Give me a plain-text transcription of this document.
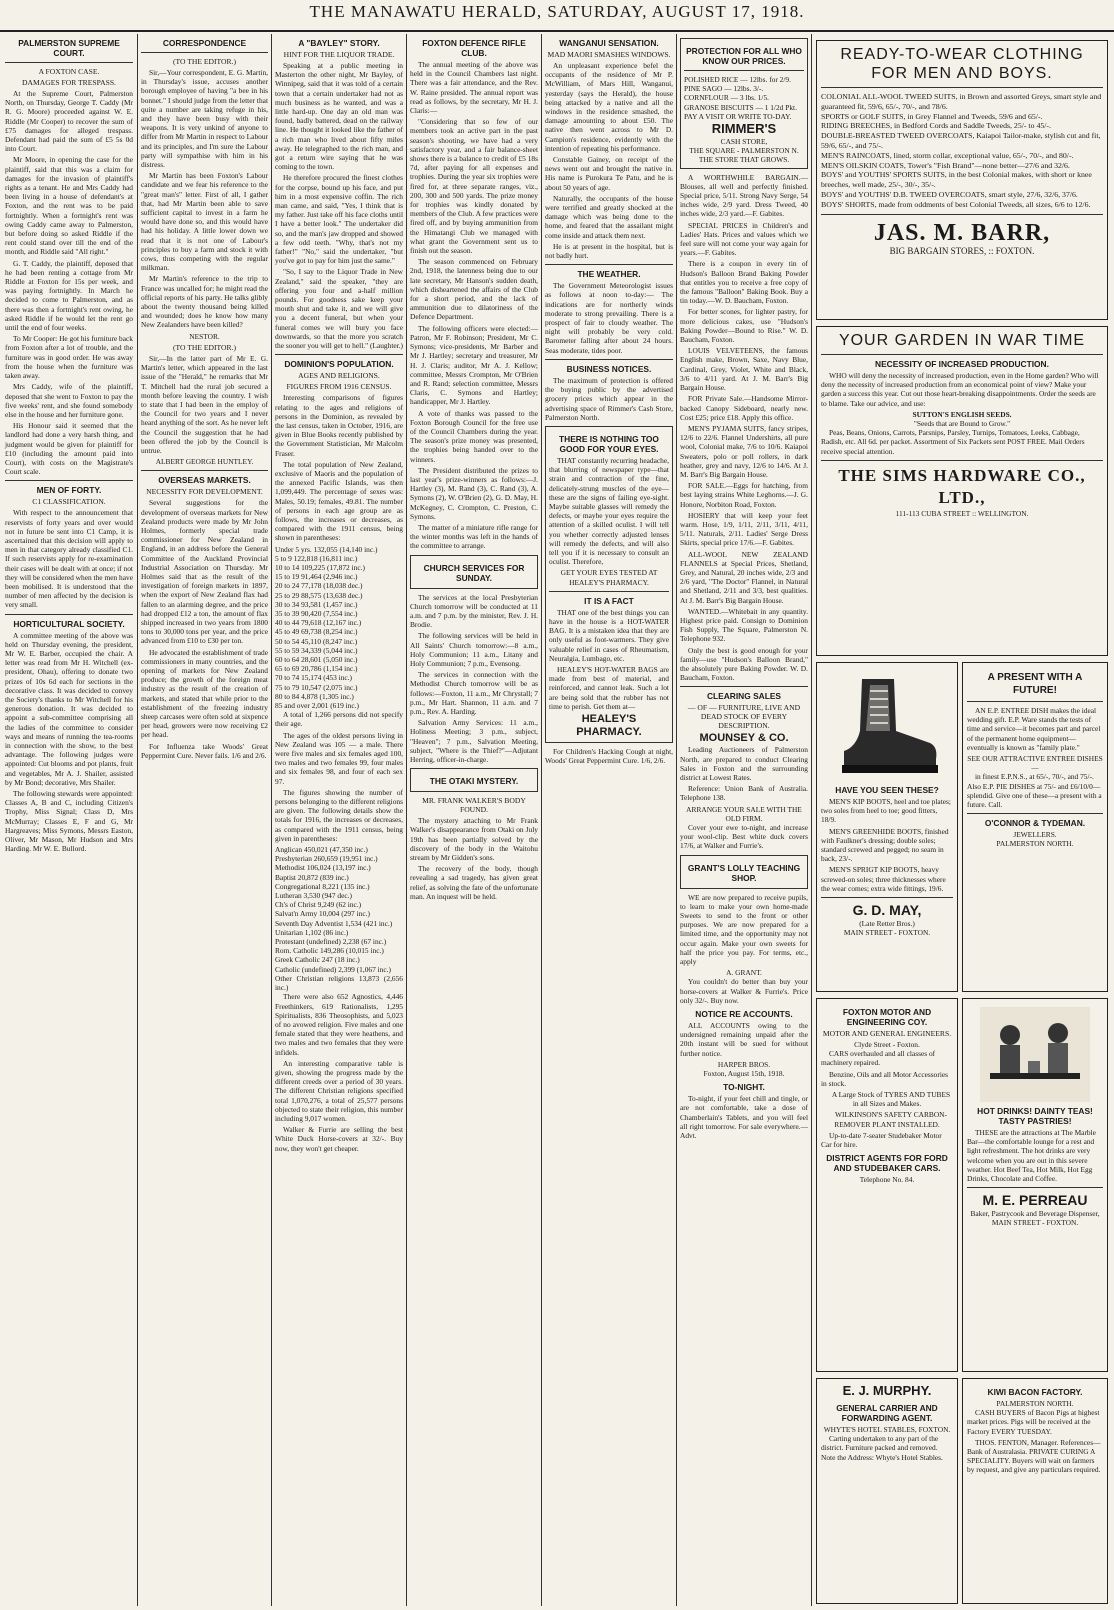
THE MANAWATU HERALD, SATURDAY, AUGUST 17, 1918.
PALMERSTON SUPREME COURT.
A FOXTON CASE.
DAMAGES FOR TRESPASS.

At the Supreme Court, Palmerston North, on Thursday, George T. Caddy (Mr R. G. Moore) proceeded against W. E. Riddle (Mr Cooper) to recover the sum of £75 damages for alleged trespass. Defendant had paid the sum of £5 5s 0d into Court.

Mr Moore, in opening the case for the plaintiff, said that this was a claim for damages for the invasion of plaintiff's rights as a tenant. He and Mrs Caddy had been living in a house of defendant's at Foxton, and the rent was to be paid fortnightly. When a fortnight's rent was owing Caddy came away to Palmerston, but before doing so asked Riddle if the rent could stand over till the end of the month, and Riddle said "All right."

G. T. Caddy, the plaintiff, deposed that he had been renting a cottage from Mr Riddle at Foxton for 15s per week, and was paying fortnightly. In March he decided to come to Palmerston, and as there was then a fortnight's rent owing, he asked Riddle if he would let the rent go until the end of four weeks.

To Mr Cooper: He got his furniture back from Foxton after a lot of trouble, and the furniture was in good order. He was away from the house when the furniture was taken away.

Mrs Caddy, wife of the plaintiff, deposed that she went to Foxton to pay the five weeks' rent, and she found somebody else in the house and her furniture gone.

His Honour said it seemed that the landlord had done a very harsh thing, and judgment would be given for plaintiff for £10 (including the amount paid into Court), with costs on the Magistrate's Court scale.

MEN OF FORTY.
C1 CLASSIFICATION.

With respect to the announcement that reservists of forty years and over would not in future be sent into C1 Camp, it is ascertained that this decision will apply to men in that category already classified C1. If such reservists apply for re-examination their cases will be dealt with at once; if not they will be considered when the men have been mobilised. It is understood that the number of men affected by the decision is very small.

HORTICULTURAL SOCIETY.

A committee meeting of the above was held on Thursday evening, the president, Mr W. E. Barber, occupied the chair. A letter was read from Mr H. Witchell (ex-president, Ohau), offering to donate two prizes of 10s 6d each for sections in the decorative class. It was decided to convey the Society's thanks to Mr Witchell for his generous donation. It was decided to appoint a sub-committee comprising all the ladies of the committee to consider ways and means of running the tea-rooms in connection with the show, to the best advantage. The following judges were appointed: Cut blooms and pot plants, fruit and vegetables, Mr A. J. Shailer, assisted by Mr Bond; decorative, Mrs Shailer.

The following stewards were appointed: Classes A, B and C, including Citizen's Trophy, Miss Signal; Class D, Mrs McMurray; Classes E, F and G, Mr Hargreaves; Miss Symons, Messrs Easton, Oliver, Mr Mason, Mr Hudson and Mrs Harding. Mr W. E. Bullord.

CORRESPONDENCE
(TO THE EDITOR.)

Sir,—Your correspondent, E. G. Martin, in Thursday's issue, accuses another borough employee of having "a bee in his bonnet." I should judge from the letter that quite a number are taking refuge in his, and they have been busy with their weapons. It is very unkind of anyone to differ from Mr Martin in respect to Labour and its principles, and I'm sure the Labour party will sympathise with him in his distress.

Mr Martin has been Foxton's Labour candidate and we fear his reference to the "great man's" letter. First of all, I gather that, had Mr Martin been able to save sufficient capital to invest in a farm he would have done so, and this would have had his holiday. A little lower down we read that it is not one of Labour's principles to buy a farm and stock it with cows, thus competing with the regular milkman.

Mr Martin's reference to the trip to France was uncalled for; he might read the official reports of his party. He talks glibly about the twenty thousand being killed and wounded; does he know how many New Zealanders have been killed?

NESTOR.
(TO THE EDITOR.)

Sir,—In the latter part of Mr E. G. Martin's letter, which appeared in the last issue of the "Herald," he remarks that Mr T. Mitchell had the rural job secured a month before leaving the country. I wish to state that I had been in the employ of the Council for two years and I never heard anything of the sort. As he never left the Council the suggestion that he had been offered the job by the Council is untrue.

ALBERT GEORGE HUNTLEY.
OVERSEAS MARKETS.
NECESSITY FOR DEVELOPMENT.

Several suggestions for the development of overseas markets for New Zealand products were made by Mr John Holmes, formerly special trade commissioner for New Zealand in England, in an address before the General Committee of the Auckland Provincial Industrial Association on Thursday. Mr Holmes said that as the result of the investigation of foreign markets in 1897, when the export of New Zealand flax had fallen to an alarming degree, and the price had dropped £12 a ton, the amount of flax shipped increased in two years from 1800 tons to 30,000 tons per year, and the price advanced from £10 to £30 per ton.

He advocated the establishment of trade commissioners in many countries, and the opening of markets for New Zealand produce; the growth of the foreign meat industry as the result of the creation of markets, and stated that while prior to the establishment of the freezing industry sheep carcases were often sold at sixpence per head, growers were now receiving £2 per head.

For Influenza take Woods' Great Peppermint Cure. Never fails. 1/6 and 2/6.

A "BAYLEY" STORY.
HINT FOR THE LIQUOR TRADE.

Speaking at a public meeting in Masterton the other night, Mr Bayley, of Winnipeg, said that it was told of a certain town that a certain undertaker had not as much business as he wanted, and was a little hard-up. One day an old man was found, badly battered, dead on the railway line. He thought it looked like the father of a rich man who lived about fifty miles away. He telegraphed to the rich man, and got a return wire saying that he was coming to the town.

He therefore procured the finest clothes for the corpse, bound up his face, and put him in a most expensive coffin. The rich man came, and said, "Yes, I think that is my father. Just take off his face cloths until I have a better look." The undertaker did so, and the man's jaw dropped and showed a few odd teeth. "Why, that's not my father!" "No," said the undertaker, "but you've got to pay for him just the same."

"So, I say to the Liquor Trade in New Zealand," said the speaker, "they are offering you four and a-half million pounds. For goodness sake keep your mouth shut and take it, and we will give you a decent funeral, but when your funeral comes we will bury you face downwards, so that the more you scratch the sooner you will get to hell." (Laughter.)

DOMINION'S POPULATION.
AGES AND RELIGIONS.
FIGURES FROM 1916 CENSUS.

Interesting comparisons of figures relating to the ages and religions of persons in the Dominion, as revealed by the last census, taken in October, 1916, are given in Blue Books recently published by the Government Statistician, Mr Malcolm Fraser.

The total population of New Zealand, exclusive of Maoris and the population of the annexed Pacific Islands, was then 1,099,449. The percentage of sexes was: Males, 50.19; females, 49.81. The number of persons in each age group are as follows, the increases or decreases, as compared with the 1911 census, being shown in parentheses:

Under 5 yrs. 132,055 (14,140 inc.)
5 to 9 122,818 (16,811 inc.)
10 to 14 109,225 (17,872 inc.)
15 to 19 91,464 (2,946 inc.)
20 to 24 77,178 (18,038 dec.)
25 to 29 88,575 (13,638 dec.)
30 to 34 93,581 (1,457 inc.)
35 to 39 90,420 (7,554 inc.)
40 to 44 79,618 (12,167 inc.)
45 to 49 69,738 (8,254 inc.)
50 to 54 45,110 (8,247 inc.)
55 to 59 34,339 (5,044 inc.)
60 to 64 28,601 (5,050 inc.)
65 to 69 20,786 (1,154 inc.)
70 to 74 15,174 (453 inc.)
75 to 79 10,547 (2,075 inc.)
80 to 84 4,878 (1,305 inc.)
85 and over 2,001 (619 inc.)

A total of 1,266 persons did not specify their age.

The ages of the oldest persons living in New Zealand was 105 — a male. There were five males and six females aged 100, two males and two females 99, four males and six females 98, and four of each sex 97.

The figures showing the number of persons belonging to the different religions are given. The following details show the totals for 1916, the increases or decreases, as compared with the 1911 census, being given in parentheses:

Anglican 450,021 (47,350 inc.)
Presbyterian 260,659 (19,951 inc.)
Methodist 106,024 (13,197 inc.)
Baptist 20,872 (839 inc.)
Congregational 8,221 (135 inc.)
Lutheran 3,530 (947 dec.)
Ch's of Christ 9,249 (62 inc.)
Salvat'n Army 10,004 (297 inc.)
Seventh Day Adventist 1,534 (421 inc.)
Unitarian 1,102 (86 inc.)
Protestant (undefined) 2,238 (67 inc.)
Rom. Catholic 149,286 (10,015 inc.)
Greek Catholic 247 (18 inc.)
Catholic (undefined) 2,399 (1,067 inc.)
Other Christian religions 13,873 (2,656 inc.)

There were also 652 Agnostics, 4,446 Freethinkers, 619 Rationalists, 1,295 Spiritualists, 836 Theosophists, and 5,023 of no avowed religion. Five males and one female stated that they were heathens, and two males and two females that they were infidels.

An interesting comparative table is given, showing the progress made by the different creeds over a period of 30 years. The different Christian religions specified total 1,070,276, a total of 25,577 persons objected to state their religion, this number including 9,017 women.

Walker & Furrie are selling the best White Duck Horse-covers at 32/-. Buy now, they won't get cheaper.

FOXTON DEFENCE RIFLE CLUB.

The annual meeting of the above was held in the Council Chambers last night. There was a fair attendance, and the Rev. W. Raine presided. The annual report was read as follows, by the secretary, Mr H. J. Claris:—

"Considering that so few of our members took an active part in the past season's shooting, we have had a very satisfactory year, and a fair balance-sheet shows there is a balance to credit of £5 18s 7d, after paying for all expenses and trophies. During the year six trophies were fired for, at three separate ranges, viz., 200, 300 and 500 yards. The prize money for trophies was kindly donated by members of the Club. A few practices were fired off, and by buying ammunition from the Himatangi Club we managed with what grant the Government sent us to finish out the season.

The season commenced on February 2nd, 1918, the latenness being due to our late secretary, Mr Hanson's sudden death, which disheartened the affairs of the Club for a short period, and the lack of ammunition due to dilatoriness of the Defence Department.

The following officers were elected:—Patron, Mr F. Robinson; President, Mr C. Symons; vice-presidents, Mr Barber and Mr J. Hartley; secretary and treasurer, Mr H. J. Claris; auditor, Mr A. J. Kellow; committee, Messrs Crompton, Mr O'Brien and R. Rand; selection committee, Messrs Claris, C. Symons and Hartley; handicapper, Mr J. Hartley.

A vote of thanks was passed to the Foxton Borough Council for the free use of the Council Chambers during the year. The season's prize money was presented, the trophies being handed over to the winners.

The President distributed the prizes to last year's prize-winners as follows:—J. Hartley (3), M. Rand (3), C. Rand (3), A. Symons (2), W. O'Brien (2), G. D. May, H. McKegney, C. Crompton, C. Preston, C. Symons.

The matter of a miniature rifle range for the winter months was left in the hands of the committee to arrange.

CHURCH SERVICES FOR SUNDAY.

The services at the local Presbyterian Church tomorrow will be conducted at 11 a.m. and 7 p.m. by the minister, Rev. J. H. Brodie.

The following services will be held in All Saints' Church tomorrow:—8 a.m., Holy Communion; 11 a.m., Litany and Holy Communion; 7 p.m., Evensong.

The services in connection with the Methodist Church tomorrow will be as follows:—Foxton, 11 a.m., Mr Chrystall; 7 p.m., Mr Hart. Shannon, 11 a.m. and 7 p.m., Rev. A. Harding.

Salvation Army Services: 11 a.m., Holiness Meeting; 3 p.m., subject, "Heaven"; 7 p.m., Salvation Meeting, subject, "Where is the Thief?"—Adjutant Herring, officer-in-charge.

THE OTAKI MYSTERY.
MR. FRANK WALKER'S BODY FOUND.

The mystery attaching to Mr Frank Walker's disappearance from Otaki on July 19th has been partially solved by the discovery of the body in the Waitohu stream by Mr Gidden's sons.

The recovery of the body, though revealing a sad tragedy, has given great relief, as solving the fate of the unfortunate man. An inquest will be held.

WANGANUI SENSATION.
MAD MAORI SMASHES WINDOWS.

An unpleasant experience befel the occupants of the residence of Mr P. McWilliam, of Mars Hill, Wanganui, yesterday (says the Herald), the house being attacked by a native and all the windows in the residence smashed, the damage amounting to about £50. The native then went across to Mr D. Campion's residence, evidently with the intention of repeating his performance.

Constable Gainey, on receipt of the news went out and brought the native in. His name is Purokura Te Patu, and he is about 50 years of age.

Naturally, the occupants of the house were terrified and greatly shocked at the damage which was being done to the home, and feared that the assailant might come inside and attack them next.

He is at present in the hospital, but is not badly hurt.

THE WEATHER.

The Government Meteorologist issues as follows at noon to-day:— The indications are for northerly winds moderate to strong prevailing. There is a prospect of fair to cloudy weather. The night will probably be very cold. Barometer falling after about 24 hours. Seas moderate, tides poor.

BUSINESS NOTICES.

The maximum of protection is offered the buying public by the advertised grocery prices which appear in the advertising space of Rimmer's Cash Store, Palmerston North.

THERE IS NOTHING TOO GOOD FOR YOUR EYES.

THAT constantly recurring headache, that blurring of newspaper type—that strain and contraction of the fine, delicately-strung muscles of the eye—these are the signs of failing eye-sight. Maybe suitable glasses will remedy the defects, or maybe your eyes require the attention of a skilled oculist. I will tell you whether correctly adjusted lenses will remedy the defects, and will also tell you if it is necessary to consult an oculist. Therefore,

GET YOUR EYES TESTED AT HEALEY'S PHARMACY.
IT IS A FACT

THAT one of the best things you can have in the house is a HOT-WATER BAG. It is a mistaken idea that they are only useful as foot-warmers. They give valuable relief in cases of Rheumatism, Neuralgia, Lumbago, etc.

HEALEY'S HOT-WATER BAGS are made from best of material, and reinforced, and cannot leak. Such a lot are being sold that the rubber has not time to perish. Get them at—

HEALEY'S PHARMACY.

For Children's Hacking Cough at night, Woods' Great Peppermint Cure. 1/6, 2/6.

PROTECTION FOR ALL WHO KNOW OUR PRICES.
POLISHED RICE — 12lbs. for 2/9.
PINE SAGO — 12lbs. 3/-.
CORNFLOUR — 3 lbs. 1/5.
GRANOSE BISCUITS — 1 1/2d Pkt.
PAY A VISIT OR WRITE TO-DAY.
RIMMER'S
CASH STORE,
THE SQUARE - PALMERSTON N.
THE STORE THAT GROWS.

A WORTHWHILE BARGAIN.—Blouses, all well and perfectly finished. Special price, 5/11. Strong Navy Serge, 54 inches wide, 2/9 yard. Dress Tweed, 40 inches wide, 2/3 yard.—F. Gabites.

SPECIAL PRICES in Children's and Ladies' Hats. Prices and values which we feel sure will not come your way again for years.—F. Gabites.

There is a coupon in every tin of Hudson's Balloon Brand Baking Powder that entitles you to receive a free copy of the famous "Balloon" Baking Book. Buy a tin today.—W. D. Baucham, Foxton.

For better scones, for lighter pastry, for more delicious cakes, use "Hudson's Baking Powder—Bound to Rise." W. D. Baucham, Foxton.

LOUIS VELVETEENS, the famous English make, Brown, Saxe, Navy Blue, Cardinal, Grey, Violet, White and Black, 3/6 to 4/11 yard. At J. M. Barr's Big Bargain House.

FOR Private Sale.—Handsome Mirror-backed Canopy Sideboard, nearly new. Cost £25; price £18. Apply this office.

MEN'S PYJAMA SUITS, fancy stripes, 12/6 to 22/6. Flannel Undershirts, all pure wool, Colonial make, 7/6 to 10/6. Kaiapoi Sweaters, polo or poll rollers, in dark heather, grey and navy, 12/6 to 14/6. At J. M. Barr's Big Bargain House.

FOR SALE.—Eggs for hatching, from best laying strains White Leghorns.—J. G. Honore, Norbiton Road, Foxton.

HOSIERY that will keep your feet warm. Hose, 1/9, 1/11, 2/11, 3/11, 4/11, 5/11. Naturals, 2/11. Ladies' Serge Dress Skirts, special price 17/6.—F. Gabites.

ALL-WOOL NEW ZEALAND FLANNELS at Special Prices, Shetland, Grey, and Natural, 20 inches wide, 2/3 and 2/6 yard, "The Doctor" Flannel, in Natural and Shetland, 2/11 and 3/3, best qualities. At J. M. Barr's Big Bargain House.

WANTED.—Whitebait in any quantity. Highest price paid. Consign to Dominion Fish Supply, The Square, Palmerston N. Telephone 932.

Only the best is good enough for your family—use "Hudson's Balloon Brand," the absolutely pure Baking Powder. W. D. Baucham, Foxton.

CLEARING SALES
— OF — FURNITURE, LIVE AND DEAD STOCK OF EVERY DESCRIPTION.
MOUNSEY & CO.

Leading Auctioneers of Palmerston North, are prepared to conduct Clearing Sales in Foxton and the surrounding district at Lowest Rates.

Reference: Union Bank of Australia. Telephone 138.

ARRANGE YOUR SALE WITH THE OLD FIRM.

Cover your ewe to-night, and increase your wool-clip. Best white duck covers 17/6, at Walker and Furrie's.

GRANT'S LOLLY TEACHING SHOP.

WE are now prepared to receive pupils, to learn to make your own home-made Sweets to send to the front or other purposes. We are now prepared for a limited time, and the opportunity may not occur again. Make your own sweets for half the price you pay. For terms, etc., apply

A. GRANT.

You couldn't do better than buy your horse-covers at Walker & Furrie's. Price only 32/-. Buy now.

NOTICE RE ACCOUNTS.

ALL ACCOUNTS owing to the undersigned remaining unpaid after the 20th instant will be sued for without further notice.

HARPER BROS.
Foxton, August 15th, 1918.
TO-NIGHT.

To-night, if your feet chill and tingle, or are not comfortable, take a dose of Chamberlain's Tablets, and you will feel all right tomorrow. For sale everywhere.—Advt.

READY-TO-WEAR CLOTHING FOR MEN AND BOYS.
COLONIAL ALL-WOOL TWEED SUITS, in Brown and assorted Greys, smart style and guaranteed fit, 59/6, 65/-, 70/-, and 78/6.
SPORTS or GOLF SUITS, in Grey Flannel and Tweeds, 59/6 and 65/-.
RIDING BREECHES, in Bedford Cords and Saddle Tweeds, 25/- to 45/-.
DOUBLE-BREASTED TWEED OVERCOATS, Kaiapoi Tailor-make, stylish cut and fit, 59/6, 65/-, and 75/-.
MEN'S RAINCOATS, lined, storm collar, exceptional value, 65/-, 70/-, and 80/-.
MEN'S OILSKIN COATS, Tower's "Fish Brand"—none better—27/6 and 32/6.
BOYS' and YOUTHS' SPORTS SUITS, in the best Colonial makes, with short or knee breeches, well made, 25/-, 30/-, 35/-.
BOYS' and YOUTHS' D.B. TWEED OVERCOATS, smart style, 27/6, 32/6, 37/6.
BOYS' SHORTS, made from oddments of best Colonial Tweeds, all sizes, 6/6 to 12/6.
JAS. M. BARR,
BIG BARGAIN STORES, :: FOXTON.
YOUR GARDEN IN WAR TIME
NECESSITY OF INCREASED PRODUCTION.

WHO will deny the necessity of increased production, even in the Home garden? Who will deny the necessity of increased production from an economical point of view? Make your garden a success this year. Cut out those heart-breaking disappointments. Order the seeds are to blame. Take our advice, and use:

SUTTON'S ENGLISH SEEDS.
"Seeds that are Bound to Grow."

Peas, Beans, Onions, Carrots, Parsnips, Parsley, Turnips, Tomatoes, Leeks, Cabbage, Radish, etc. All 6d. per packet. Assortment of Six Packets sent POST FREE. Mail Orders receive special attention.

THE SIMS HARDWARE CO., LTD.,
111-113 CUBA STREET :: WELLINGTON.
HAVE YOU SEEN THESE?

MEN'S KIP BOOTS, heel and toe plates; two soles from heel to toe; good fitters, 18/9.

MEN'S GREENHIDE BOOTS, finished with Faulkner's dressing; double soles; standard screwed and pegged; no seam in back, 23/-.

MEN'S SPRIGT KIP BOOTS, heavy screwed-on soles; three thicknesses where the wear comes; extra wide fittings, 19/6.

G. D. MAY,
(Late Retter Bros.)
MAIN STREET - FOXTON.
A PRESENT WITH A FUTURE!

AN E.P. ENTREE DISH makes the ideal wedding gift. E.P. Ware stands the tests of time and service—it becomes part and parcel of the permanent home equipment—eventually is known as "family plate."

SEE OUR ATTRACTIVE ENTREE DISHES —

in finest E.P.N.S., at 65/-, 70/-, and 75/-. Also E.P. PIE DISHES at 75/- and £6/10/0—splendid. Give one of these—a present with a future. Call.

O'CONNOR & TYDEMAN.
JEWELLERS.
PALMERSTON NORTH.
FOXTON MOTOR AND ENGINEERING COY.
MOTOR AND GENERAL ENGINEERS.
Clyde Street - Foxton.

CARS overhauled and all classes of machinery repaired.

Benzine, Oils and all Motor Accessories in stock.

A Large Stock of TYRES AND TUBES in all Sizes and Makes.

WILKINSON'S SAFETY CARBON-REMOVER PLANT INSTALLED.

Up-to-date 7-seater Studebaker Motor Car for hire.

DISTRICT AGENTS FOR FORD AND STUDEBAKER CARS.
Telephone No. 84.
HOT DRINKS! DAINTY TEAS! TASTY PASTRIES!

THESE are the attractions at The Marble Bar—the comfortable lounge for a rest and light refreshment. The hot drinks are very welcome when you are out in this severe weather. Hot Beef Tea, Hot Milk, Hot Egg Drinks, Chocolate and Coffee.

M. E. PERREAU
Baker, Pastrycook and Beverage Dispenser,
MAIN STREET - FOXTON.
E. J. MURPHY.
GENERAL CARRIER AND FORWARDING AGENT.
WHYTE'S HOTEL STABLES, FOXTON.

Carting undertaken to any part of the district. Furniture packed and removed. Note the Address: Whyte's Hotel Stables.

KIWI BACON FACTORY.
PALMERSTON NORTH.

CASH BUYERS of Bacon Pigs at highest market prices. Pigs will be received at the Factory EVERY TUESDAY.

THOS. FENTON, Manager. References—Bank of Australasia. PRIVATE CURING A SPECIALITY. Buyers will wait on farmers by request, and give any particulars required.
